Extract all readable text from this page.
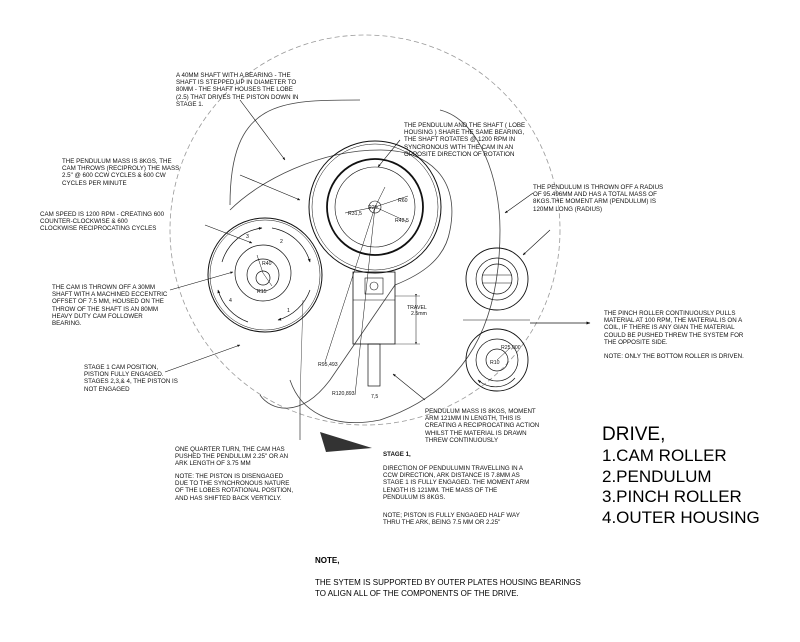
R40
R15
1
2
3
4
R31,5
R20
R60
R42,5
TRAVEL
2.5mm
R95,493
R120,893	7,5
R25,000
R10

A 40MM SHAFT WITH A BEARING - THE SHAFT IS STEPPED UP IN DIAMETER TO 80MM - THE SHAFT HOUSES THE LOBE (2.5) THAT DRIVES THE PISTON DOWN IN STAGE 1.

THE PENDULUM MASS IS 8KGS, THE CAM THROWS (RECIPROLY) THE MASS 2.5" @ 600 CCW CYCLES & 600 CW CYCLES PER MINUTE

CAM SPEED IS 1200 RPM - CREATING 600 COUNTER-CLOCKWISE & 600 CLOCKWISE RECIPROCATING CYCLES

THE CAM IS THROWN OFF A 30MM SHAFT WITH A MACHINED ECCENTRIC OFFSET OF 7.5 MM, HOUSED ON THE THROW OF THE SHAFT IS AN 80MM HEAVY DUTY CAM FOLLOWER BEARING.

STAGE 1 CAM POSITION, PISTION FULLY ENGAGED. STAGES 2,3,& 4, THE PISTON IS NOT ENGAGED

THE PENDULUM AND THE SHAFT ( LOBE HOUSING ) SHARE THE SAME BEARING, THE SHAFT ROTATES @ 1200 RPM IN SYNCRONOUS WITH THE CAM IN AN OPPOSITE DIRECTION OF ROTATION

THE PENDULUM IS THROWN OFF A RADIUS OF 95.496MM AND HAS A TOTAL MASS OF 8KGS.THE MOMENT ARM (PENDULUM) IS 120MM LONG (RADIUS)

THE PINCH ROLLER CONTINUOUSLY PULLS MATERIAL AT 100 RPM, THE MATERIAL IS ON A COIL, IF THERE IS ANY GIAN THE MATERIAL COULD BE PUSHED THREW THE SYSTEM FOR THE OPPOSITE SIDE.

NOTE: ONLY THE BOTTOM ROLLER IS DRIVEN.

PENDULUM MASS IS 8KGS, MOMENT ARM 121MM IN LENGTH, THIS IS CREATING A RECIPROCATING ACTION WHILST THE MATERIAL IS DRAWN THREW CONTINUOUSLY

ONE QUARTER TURN, THE CAM HAS PUSHED THE PENDULUM 2.25" OR AN ARK LENGTH OF 3.75 MM

NOTE: THE PISTON IS DISENGAGED DUE TO THE SYNCHRONOUS NATURE OF THE LOBES ROTATIONAL POSITION, AND HAS SHIFTED BACK VERTICLY.

STAGE 1,

DIRECTION OF PENDULUMIN TRAVELLING IN A CCW DIRECTION, ARK DISTANCE IS 7.8MM AS STAGE 1 IS FULLY ENGAGED. THE MOMENT ARM LENGTH IS 121MM. THE MASS OF THE PENDULUM IS 8KGS.

NOTE; PISTON IS FULLY ENGAGED HALF WAY THRU THE ARK, BEING 7.5 MM OR 2.25"

DRIVE,

1.CAM ROLLER
2.PENDULUM
3.PINCH ROLLER
4.OUTER HOUSING

NOTE,

THE SYTEM IS SUPPORTED BY OUTER PLATES HOUSING BEARINGS
TO ALIGN ALL OF THE COMPONENTS OF THE DRIVE.
